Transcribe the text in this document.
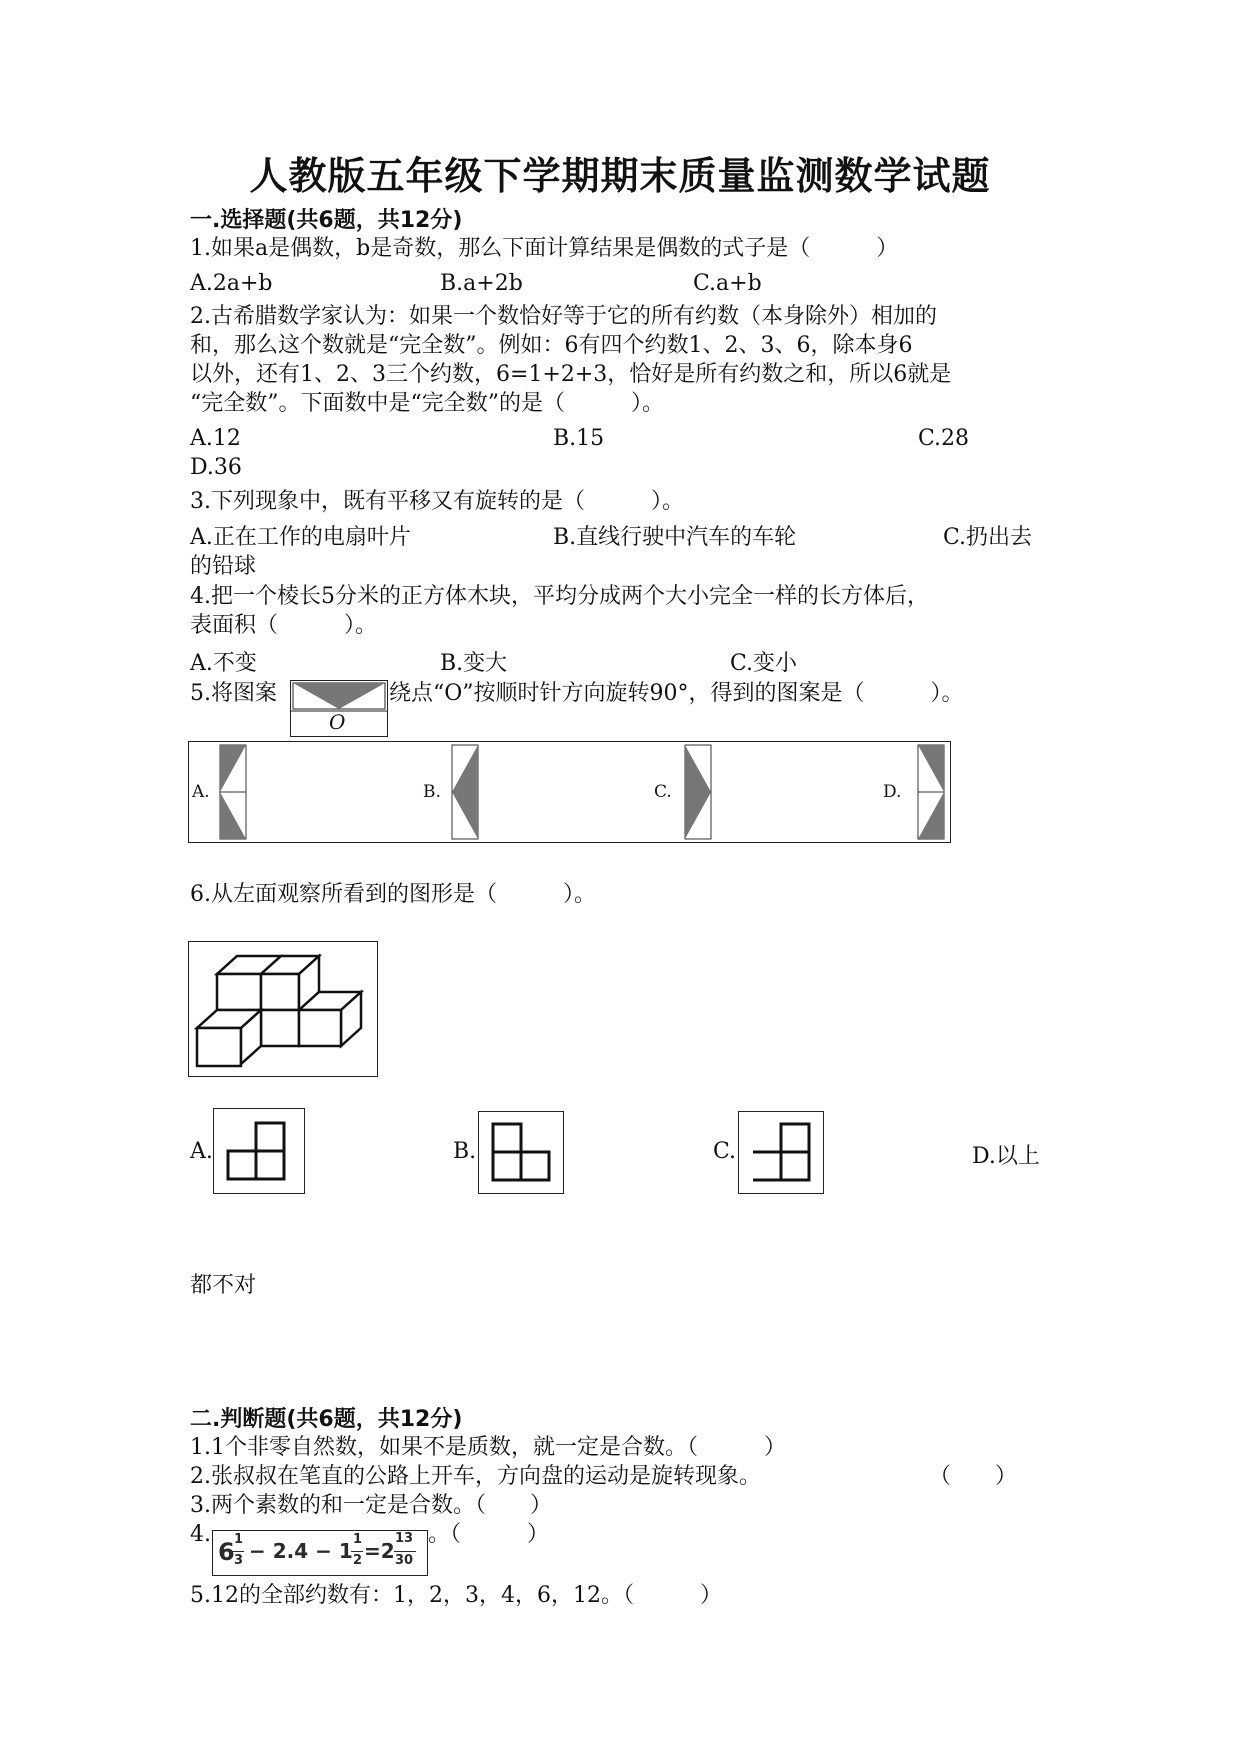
人教版五年级下学期期末质量监测数学试题
一.选择题(共6题，共12分)
1.如果a是偶数，b是奇数，那么下面计算结果是偶数的式子是（　　　）
A.2a+b	B.a+2b	C.a+b
2.古希腊数学家认为：如果一个数恰好等于它的所有约数（本身除外）相加的
和，那么这个数就是“完全数”。例如：6有四个约数1、2、3、6，除本身6
以外，还有1、2、3三个约数，6=1+2+3，恰好是所有约数之和，所以6就是
“完全数”。下面数中是“完全数”的是（　　　）。
A.12	B.15	C.28
D.36
3.下列现象中，既有平移又有旋转的是（　　　）。
A.正在工作的电扇叶片	B.直线行驶中汽车的车轮	C.扔出去
的铅球
4.把一个棱长5分米的正方体木块，平均分成两个大小完全一样的长方体后，
表面积（　　　）。
A.不变	B.变大	C.变小
5.将图案	绕点“O”按顺时针方向旋转90°，得到的图案是（　　　）。
O
A.	B.	C.	D.
6.从左面观察所看到的图形是（　　　）。
A.	B.	C.	D.以上
都不对
二.判断题(共6题，共12分)
1.1个非零自然数，如果不是质数，就一定是合数。（　　　）
2.张叔叔在笔直的公路上开车，方向盘的运动是旋转现象。	（　　）
3.两个素数的和一定是合数。（　　）
4.
6 1
3 − 2.4 − 1 1
2 =2
13
30
。（　　　）
5.12的全部约数有：1，2，3，4，6，12。（　　　）
